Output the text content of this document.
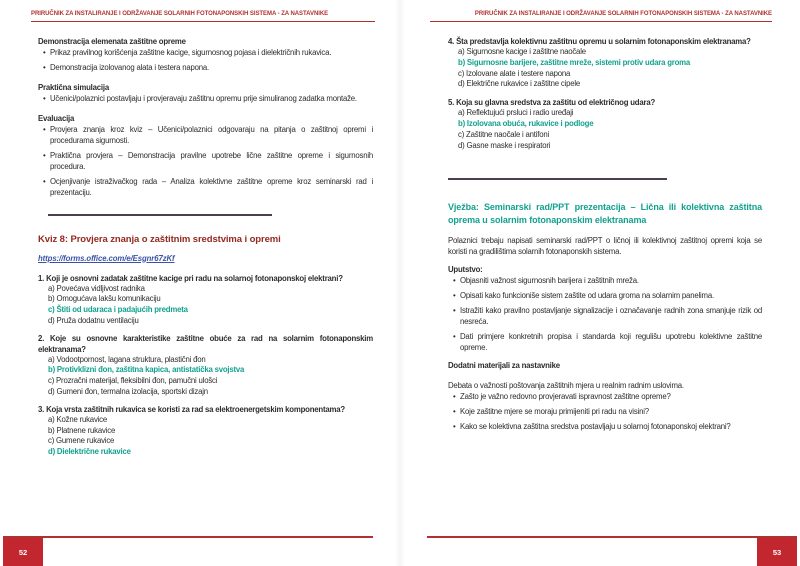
PRIRUČNIK ZA INSTALIRANJE I ODRŽAVANJE SOLARNIH FOTONAPONSKIH SISTEMA - ZA NASTAVNIKE
Demonstracija elemenata zaštitne opreme
• Prikaz pravilnog korišćenja zaštitne kacige, sigurnosnog pojasa i dielektričnih rukavica.
• Demonstracija izolovanog alata i testera napona.
Praktična simulacija
• Učenici/polaznici postavljaju i provjeravaju zaštitnu opremu prije simuliranog zadatka montaže.
Evaluacija
• Provjera znanja kroz kviz – Učenici/polaznici odgovaraju na pitanja o zaštitnoj opremi i procedurama sigurnosti.
• Praktična provjera – Demonstracija pravilne upotrebe lične zaštitne opreme i sigurnosnih procedura.
• Ocjenjivanje istraživačkog rada – Analiza kolektivne zaštitne opreme kroz seminarski rad i prezentaciju.
Kviz 8: Provjera znanja o zaštitnim sredstvima i opremi
https://forms.office.com/e/Esgnr67zKf

1. Koji je osnovni zadatak zaštitne kacige pri radu na solarnoj fotonaponskoj elektrani?

a) Povećava vidljivost radnika
b) Omogućava lakšu komunikaciju
c) Štiti od udaraca i padajućih predmeta
d) Pruža dodatnu ventilaciju

2. Koje su osnovne karakteristike zaštitne obuće za rad na solarnim fotonaponskim elektranama?

a) Vodootpornost, lagana struktura, plastični đon
b) Protivklizni đon, zaštitna kapica, antistatička svojstva
c) Prozračni materijal, fleksibilni đon, pamučni ulošci
d) Gumeni đon, termalna izolacija, sportski dizajn

3. Koja vrsta zaštitnih rukavica se koristi za rad sa elektroenergetskim komponentama?

a) Kožne rukavice
b) Platnene rukavice
c) Gumene rukavice
d) Dielektrične rukavice
52
PRIRUČNIK ZA INSTALIRANJE I ODRŽAVANJE SOLARNIH FOTONAPONSKIH SISTEMA - ZA NASTAVNIKE

4. Šta predstavlja kolektivnu zaštitnu opremu u solarnim fotonaponskim elektranama?

a) Sigurnosne kacige i zaštitne naočale
b) Sigurnosne barijere, zaštitne mreže, sistemi protiv udara groma
c) Izolovane alate i testere napona
d) Električne rukavice i zaštitne cipele

5. Koja su glavna sredstva za zaštitu od električnog udara?

a) Reflektujući prsluci i radio uređaji
b) Izolovana obuća, rukavice i podloge
c) Zaštitne naočale i antifoni
d) Gasne maske i respiratori
Vježba: Seminarski rad/PPT prezentacija – Lična ili kolektivna zaštitna oprema u solarnim fotonaponskim elektranama

Polaznici trebaju napisati seminarski rad/PPT o ličnoj ili kolektivnoj zaštitnoj opremi koja se koristi na gradilištima solarnih fotonaponskih sistema.

Uputstvo:

• Objasniti važnost sigurnosnih barijera i zaštitnih mreža.
• Opisati kako funkcioniše sistem zaštite od udara groma na solarnim panelima.
• Istražiti kako pravilno postavljanje signalizacije i označavanje radnih zona smanjuje rizik od nesreća.
• Dati primjere konkretnih propisa i standarda koji regulišu upotrebu kolektivne zaštitne opreme.

Dodatni materijali za nastavnike

Debata o važnosti poštovanja zaštitnih mjera u realnim radnim uslovima.

• Zašto je važno redovno provjeravati ispravnost zaštitne opreme?
• Koje zaštitne mjere se moraju primijeniti pri radu na visini?
• Kako se kolektivna zaštitna sredstva postavljaju u solarnoj fotonaponskoj elektrani?
53
